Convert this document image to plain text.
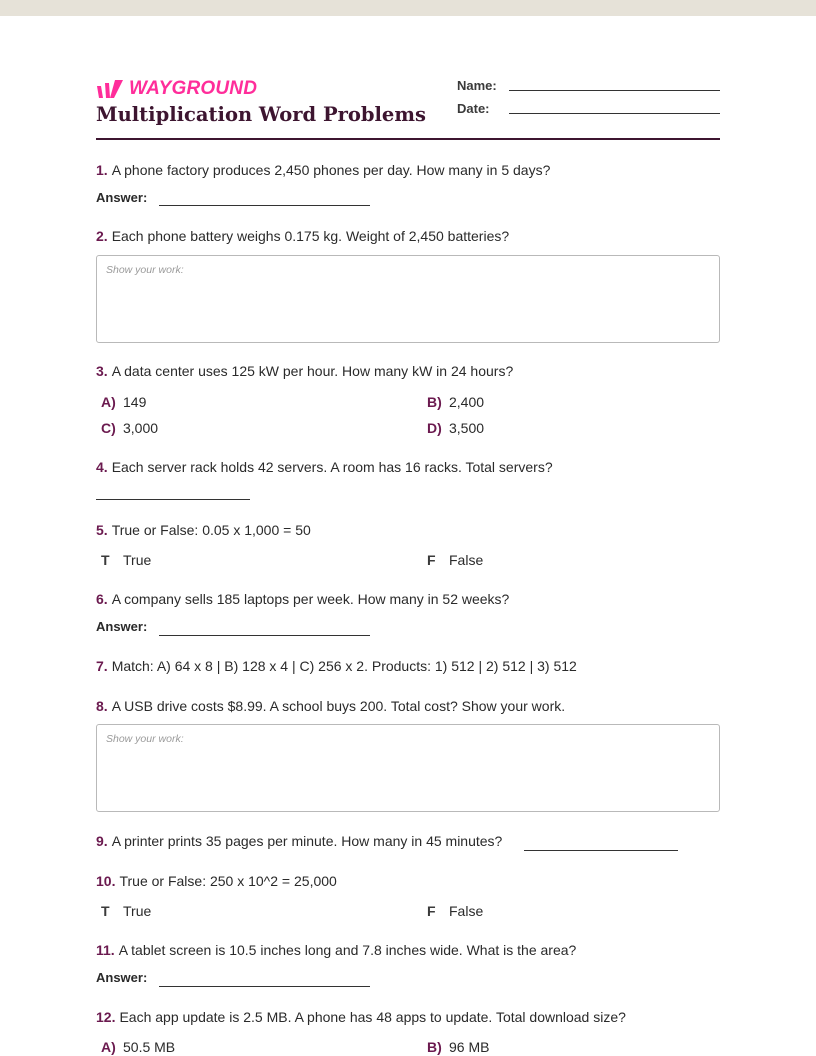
WAYGROUND
Multiplication Word Problems
Name:
Date:
1. A phone factory produces 2,450 phones per day. How many in 5 days?
Answer:
2. Each phone battery weighs 0.175 kg. Weight of 2,450 batteries?
Show your work:
3. A data center uses 125 kW per hour. How many kW in 24 hours?
A) 149	B) 2,400
C) 3,000	D) 3,500
4. Each server rack holds 42 servers. A room has 16 racks. Total servers?
5. True or False: 0.05 x 1,000 = 50
T True	F False
6. A company sells 185 laptops per week. How many in 52 weeks?
Answer:
7. Match: A) 64 x 8 | B) 128 x 4 | C) 256 x 2. Products: 1) 512 | 2) 512 | 3) 512
8. A USB drive costs $8.99. A school buys 200. Total cost? Show your work.
Show your work:
9. A printer prints 35 pages per minute. How many in 45 minutes?
10. True or False: 250 x 10^2 = 25,000
T True	F False
11. A tablet screen is 10.5 inches long and 7.8 inches wide. What is the area?
Answer:
12. Each app update is 2.5 MB. A phone has 48 apps to update. Total download size?
A) 50.5 MB	B) 96 MB
